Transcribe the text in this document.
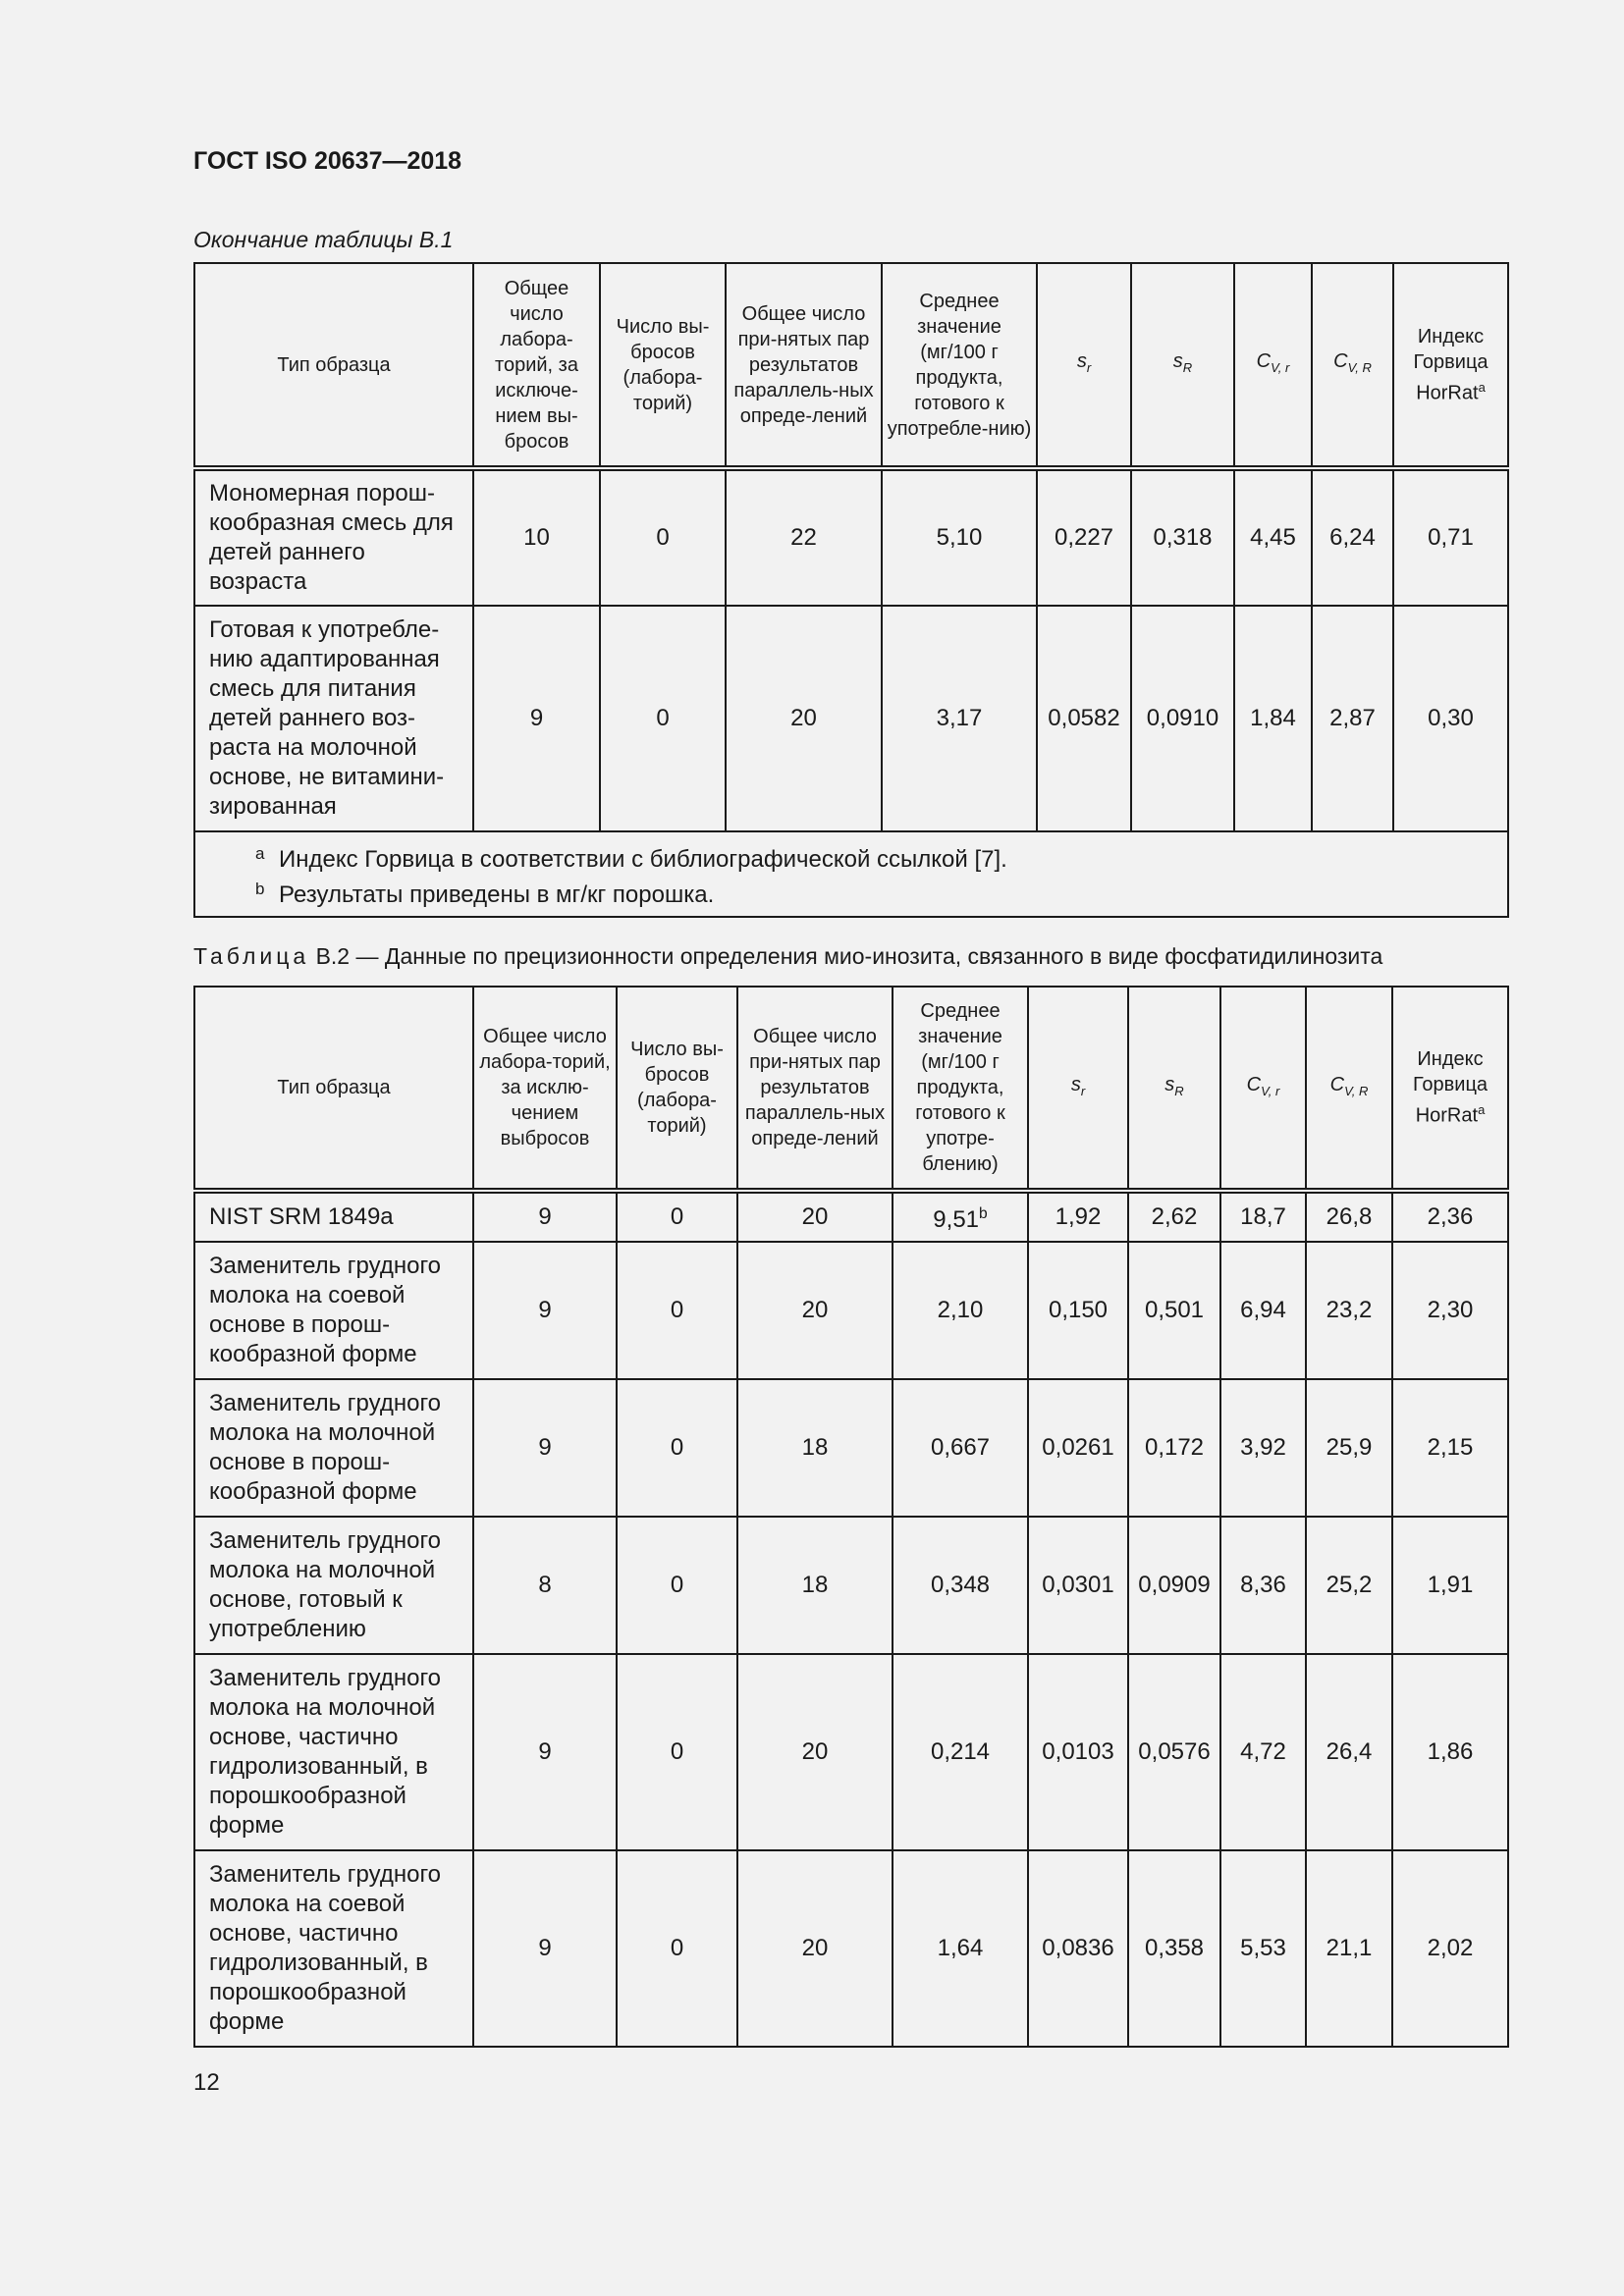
ГОСТ ISO 20637—2018
Окончание таблицы В.1
Тип образца	Общее число лабора-торий, за исключе-нием вы-бросов	Число вы-бросов (лабора-торий)	Общее число при-нятых пар результатов параллель-ных опреде-лений	Среднее значение (мг/100 г продукта, готового к употребле-нию)	$s_r$	$s_R$	$C_{V, r}$	$C_{V, R}$	Индекс Горвица HorRat$^a$
Мономерная порош-кообразная смесь для детей раннего возраста	10	0	22	5,10	0,227	0,318	4,45	6,24	0,71
Готовая к употребле-нию адаптированная смесь для питания детей раннего воз-раста на молочной основе, не витамини-зированная	9	0	20	3,17	0,0582	0,0910	1,84	2,87	0,30

a Индекс Горвица в соответствии с библиографической ссылкой [7].
b Результаты приведены в мг/кг порошка.									
Таблица В.2 — Данные по прецизионности определения мио-инозита, связанного в виде фосфатидилинозита
Тип образца	Общее число лабора-торий, за исклю-чением выбросов	Число вы-бросов (лабора-торий)	Общее число при-нятых пар результатов параллель-ных опреде-лений	Среднее значение (мг/100 г продукта, готового к употре-блению)	$s_r$	$s_R$	$C_{V, r}$	$C_{V, R}$	Индекс Горвица HorRat$^a$
NIST SRM 1849a	9	0	20	9,51$^b$	1,92	2,62	18,7	26,8	2,36
Заменитель грудного молока на соевой основе в порош-кообразной форме	9	0	20	2,10	0,150	0,501	6,94	23,2	2,30
Заменитель грудного молока на молочной основе в порош-кообразной форме	9	0	18	0,667	0,0261	0,172	3,92	25,9	2,15
Заменитель грудного молока на молочной основе, готовый к употреблению	8	0	18	0,348	0,0301	0,0909	8,36	25,2	1,91
Заменитель грудного молока на молочной основе, частично гидролизованный, в порошкообразной форме	9	0	20	0,214	0,0103	0,0576	4,72	26,4	1,86
Заменитель грудного молока на соевой основе, частично гидролизованный, в порошкообразной форме	9	0	20	1,64	0,0836	0,358	5,53	21,1	2,02
12
